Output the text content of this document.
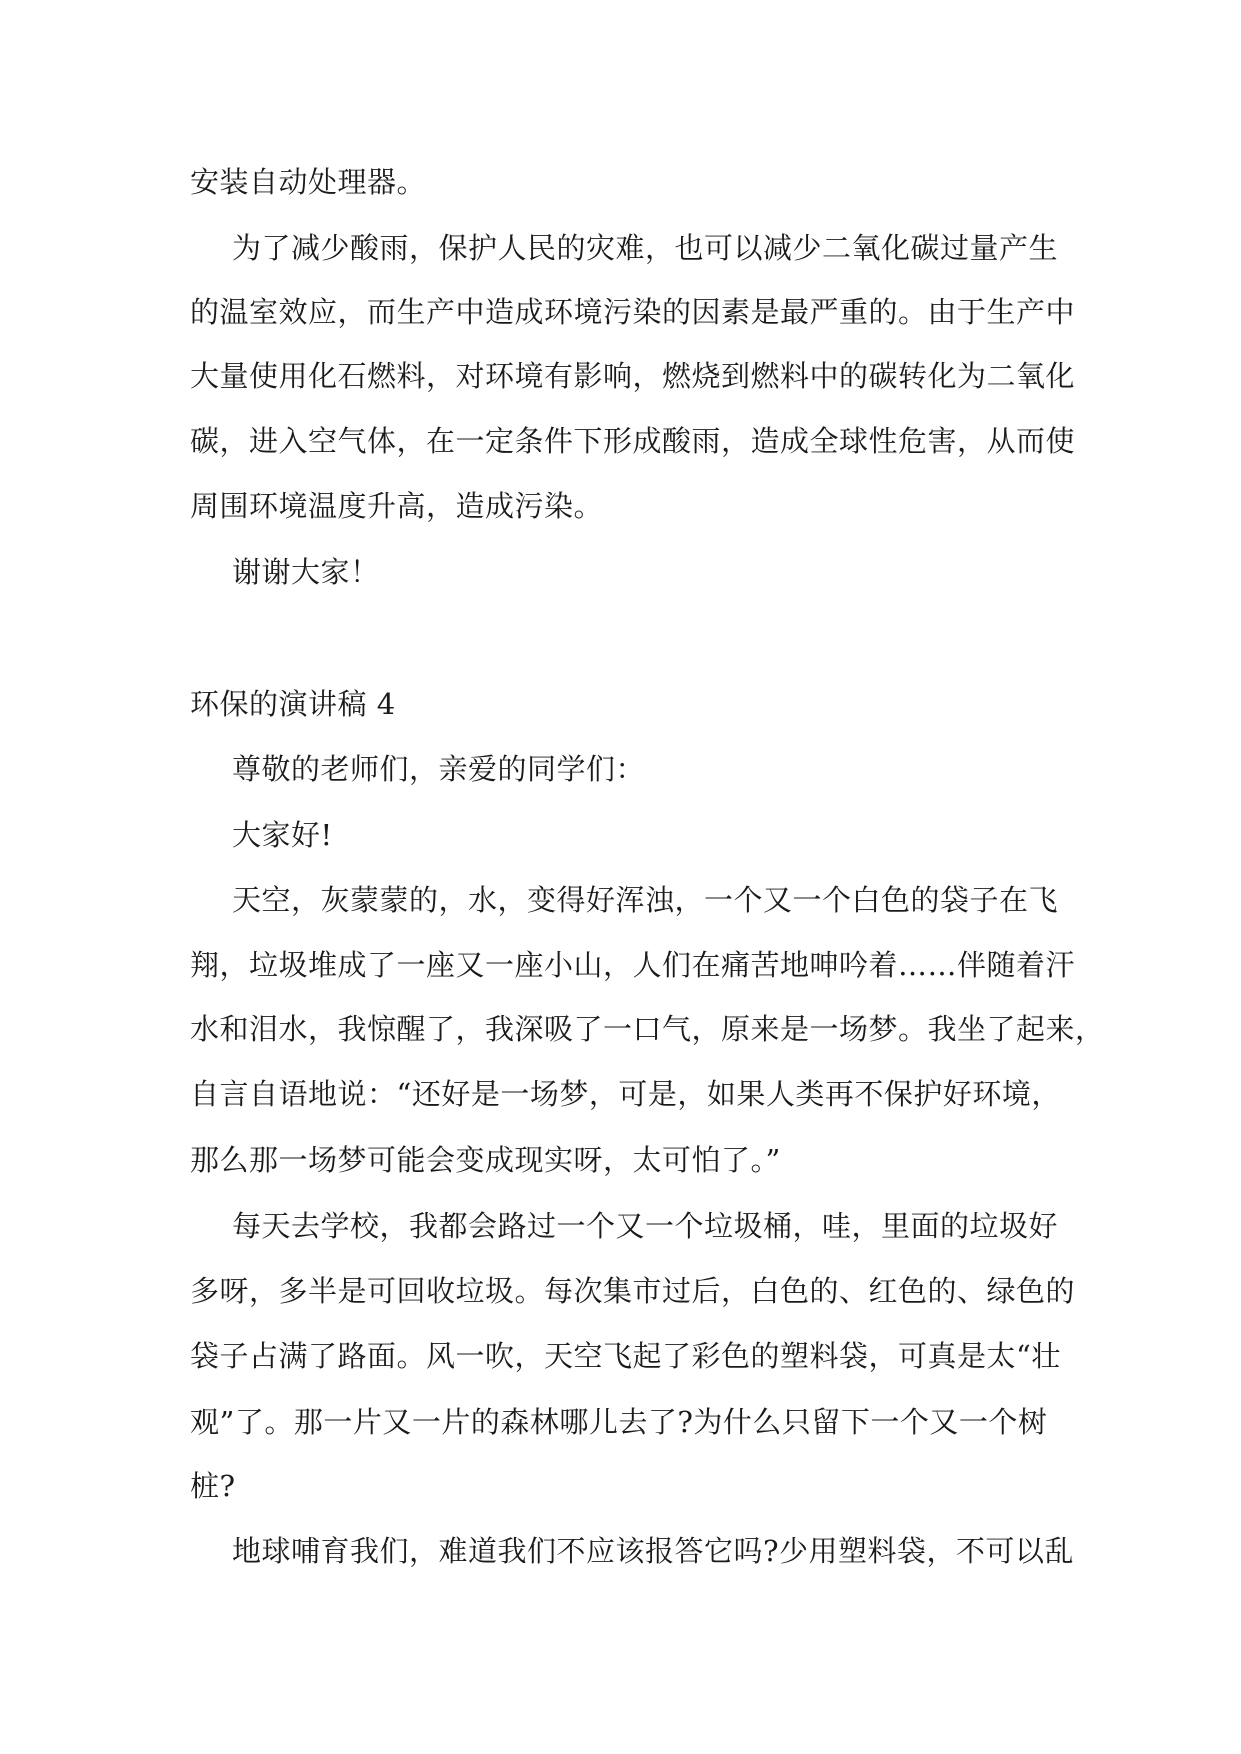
安装自动处理器。
为了减少酸雨，保护人民的灾难，也可以减少二氧化碳过量产生
的温室效应，而生产中造成环境污染的因素是最严重的。由于生产中
大量使用化石燃料，对环境有影响，燃烧到燃料中的碳转化为二氧化
碳，进入空气体，在一定条件下形成酸雨，造成全球性危害，从而使
周围环境温度升高，造成污染。
谢谢大家！
环保的演讲稿 4
尊敬的老师们，亲爱的同学们：
大家好!
天空，灰蒙蒙的，水，变得好浑浊，一个又一个白色的袋子在飞
翔，垃圾堆成了一座又一座小山，人们在痛苦地呻吟着……伴随着汗
水和泪水，我惊醒了，我深吸了一口气，原来是一场梦。我坐了起来，
自言自语地说：“还好是一场梦，可是，如果人类再不保护好环境，
那么那一场梦可能会变成现实呀，太可怕了。”
每天去学校，我都会路过一个又一个垃圾桶，哇，里面的垃圾好
多呀，多半是可回收垃圾。每次集市过后，白色的、红色的、绿色的
袋子占满了路面。风一吹，天空飞起了彩色的塑料袋，可真是太“壮
观”了。那一片又一片的森林哪儿去了?为什么只留下一个又一个树
桩?
地球哺育我们，难道我们不应该报答它吗?少用塑料袋，不可以乱
